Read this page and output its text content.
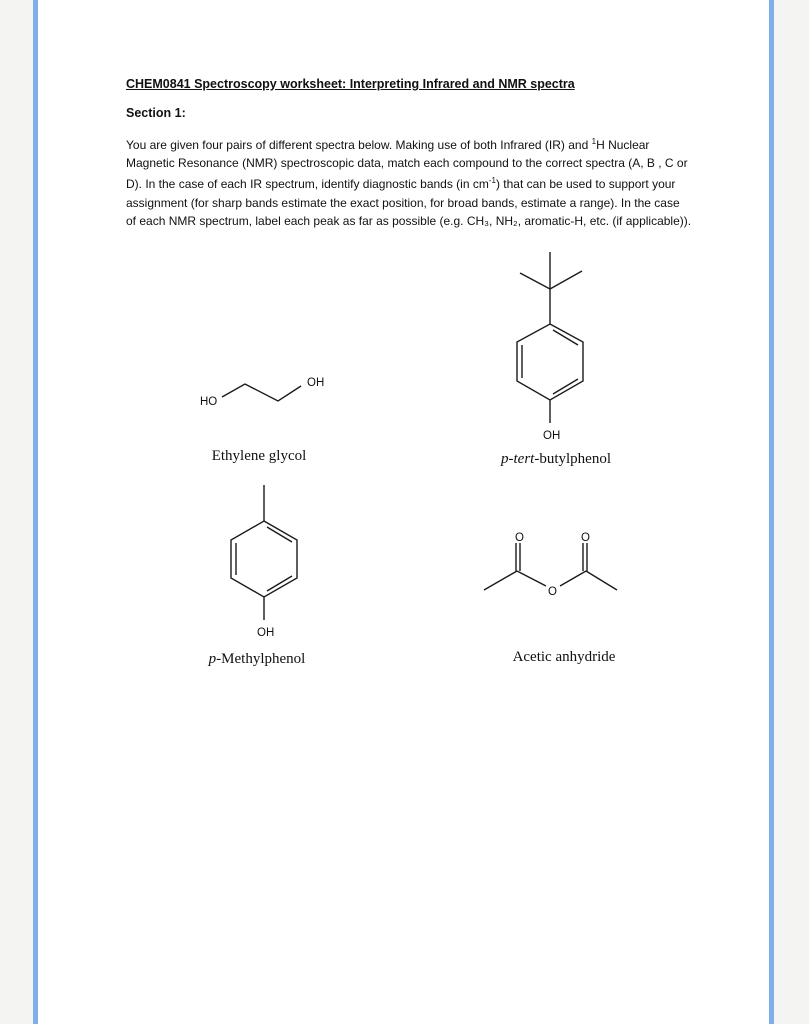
CHEM0841 Spectroscopy worksheet: Interpreting Infrared and NMR spectra
Section 1:

You are given four pairs of different spectra below. Making use of both Infrared (IR) and $^1$H Nuclear Magnetic Resonance (NMR) spectroscopic data, match each compound to the correct spectra (A, B , C or D). In the case of each IR spectrum, identify diagnostic bands (in $cm^{-1}$) that can be used to support your assignment (for sharp bands estimate the exact position, for broad bands, estimate a range). In the case of each NMR spectrum, label each peak as far as possible (e.g. CH₃, NH₂, aromatic-H, etc. (if applicable)).

OH
HO
Ethylene glycol
OH
p-tert-butylphenol
OH
p-Methylphenol
O	O
O
Acetic anhydride
